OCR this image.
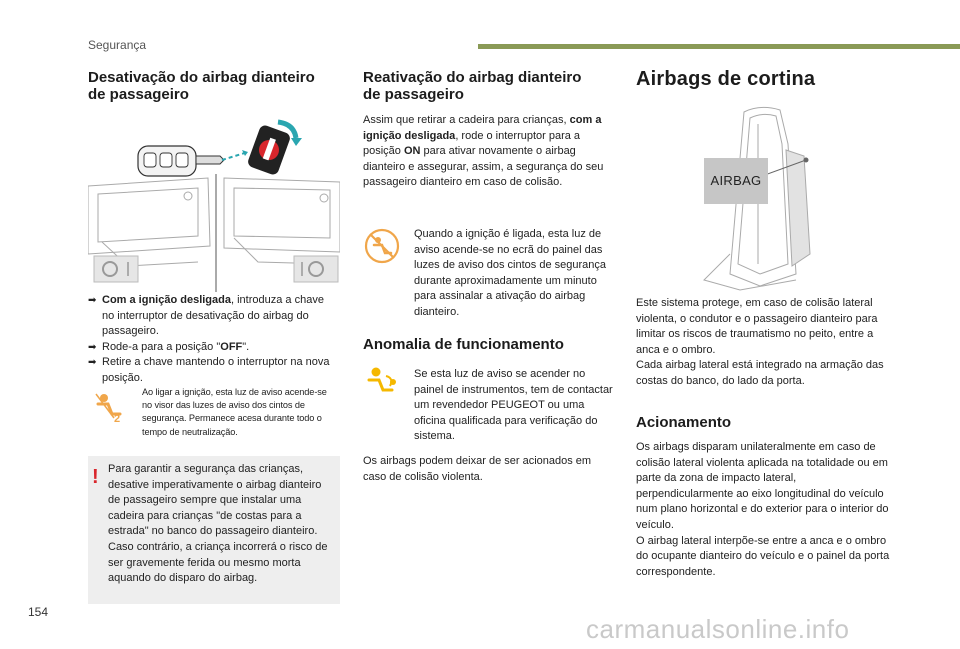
Segurança
Desativação do airbag dianteiro
de passageiro
➡ Com a ignição desligada, introduza a chave no interruptor de desativação do airbag do passageiro.
➡ Rode-a para a posição "OFF".
➡ Retire a chave mantendo o interruptor na nova posição.
2
Ao ligar a ignição, esta luz de aviso acende-se no visor das luzes de aviso dos cintos de segurança. Permanece acesa durante todo o tempo de neutralização.
! Para garantir a segurança das crianças, desative imperativamente o airbag dianteiro de passageiro sempre que instalar uma cadeira para crianças "de costas para a estrada" no banco do passageiro dianteiro. Caso contrário, a criança incorrerá o risco de ser gravemente ferida ou mesmo morta aquando do disparo do airbag.
Reativação do airbag dianteiro
de passageiro
Assim que retirar a cadeira para crianças, com a ignição desligada, rode o interruptor para a posição ON para ativar novamente o airbag dianteiro e assegurar, assim, a segurança do seu passageiro dianteiro em caso de colisão.
Quando a ignição é ligada, esta luz de aviso acende-se no ecrã do painel das luzes de aviso dos cintos de segurança durante aproximadamente um minuto para assinalar a ativação do airbag dianteiro.
Anomalia de funcionamento
Se esta luz de aviso se acender no painel de instrumentos, tem de contactar um revendedor PEUGEOT ou uma oficina qualificada para verificação do sistema.
Os airbags podem deixar de ser acionados em caso de colisão violenta.
Airbags de cortina
AIRBAG
Este sistema protege, em caso de colisão lateral violenta, o condutor e o passageiro dianteiro para limitar os riscos de traumatismo no peito, entre a anca e o ombro.
Cada airbag lateral está integrado na armação das costas do banco, do lado da porta.
Acionamento
Os airbags disparam unilateralmente em caso de colisão lateral violenta aplicada na totalidade ou em parte da zona de impacto lateral, perpendicularmente ao eixo longitudinal do veículo num plano horizontal e do exterior para o interior do veículo.
O airbag lateral interpõe-se entre a anca e o ombro do ocupante dianteiro do veículo e o painel da porta correspondente.
154
carmanualsonline.info
